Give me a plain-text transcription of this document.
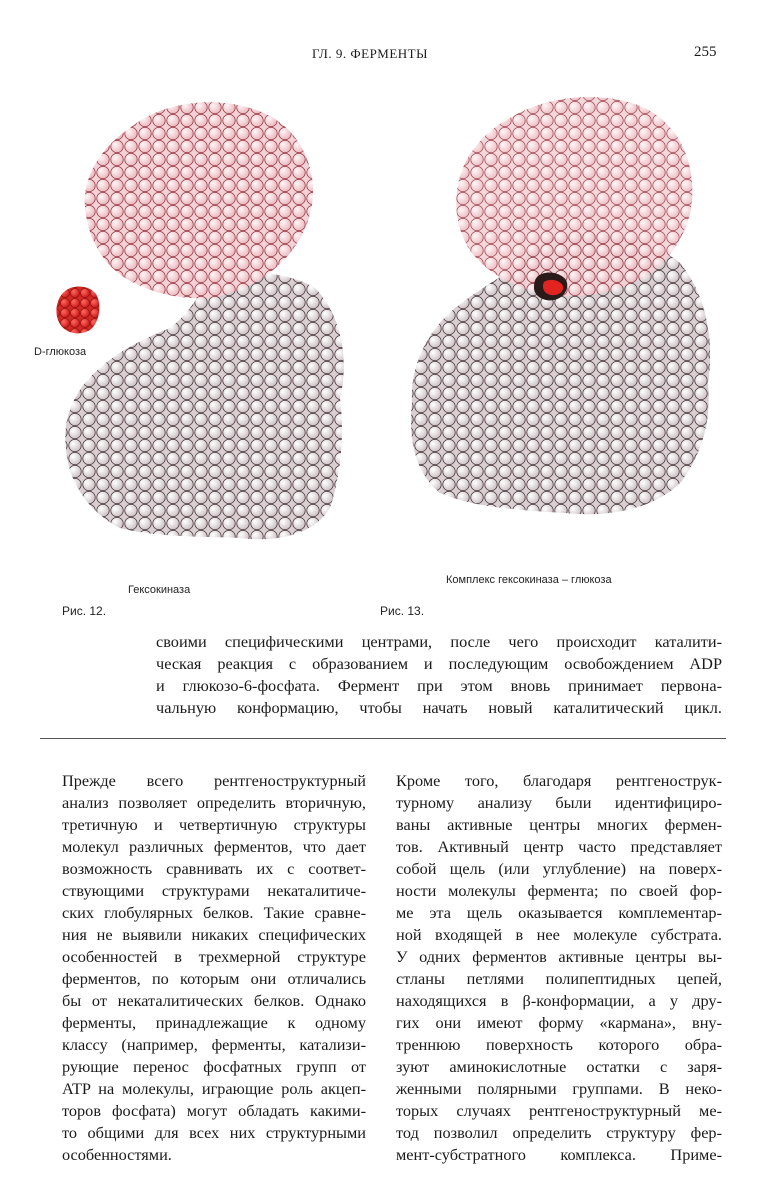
ГЛ. 9. ФЕРМЕНТЫ	255
D-глюкоза
Гексокиназа
Рис. 12.
Комплекс гексокиназа – глюкоза
Рис. 13.
своими специфическими центрами, после чего происходит каталити-
ческая реакция с образованием и последующим освобождением ADP
и глюкозо-6-фосфата. Фермент при этом вновь принимает первона-
чальную конформацию, чтобы начать новый каталитический цикл.
Прежде всего рентгеноструктурный
анализ позволяет определить вторичную,
третичную и четвертичную структуры
молекул различных ферментов, что дает
возможность сравнивать их с соответ-
ствующими структурами некаталитиче-
ских глобулярных белков. Такие сравне-
ния не выявили никаких специфических
особенностей в трехмерной структуре
ферментов, по которым они отличались
бы от некаталитических белков. Однако
ферменты, принадлежащие к одному
классу (например, ферменты, катализи-
рующие перенос фосфатных групп от
ATP на молекулы, играющие роль акцеп-
торов фосфата) могут обладать какими-
то общими для всех них структурными
особенностями.
Кроме того, благодаря рентгенострук-
турному анализу были идентифициро-
ваны активные центры многих фермен-
тов. Активный центр часто представляет
собой щель (или углубление) на поверх-
ности молекулы фермента; по своей фор-
ме эта щель оказывается комплементар-
ной входящей в нее молекуле субстрата.
У одних ферментов активные центры вы-
стланы петлями полипептидных цепей,
находящихся в β-конформации, а у дру-
гих они имеют форму «кармана», вну-
треннюю поверхность которого обра-
зуют аминокислотные остатки с заря-
женными полярными группами. В неко-
торых случаях рентгеноструктурный ме-
тод позволил определить структуру фер-
мент-субстратного комплекса. Приме-
